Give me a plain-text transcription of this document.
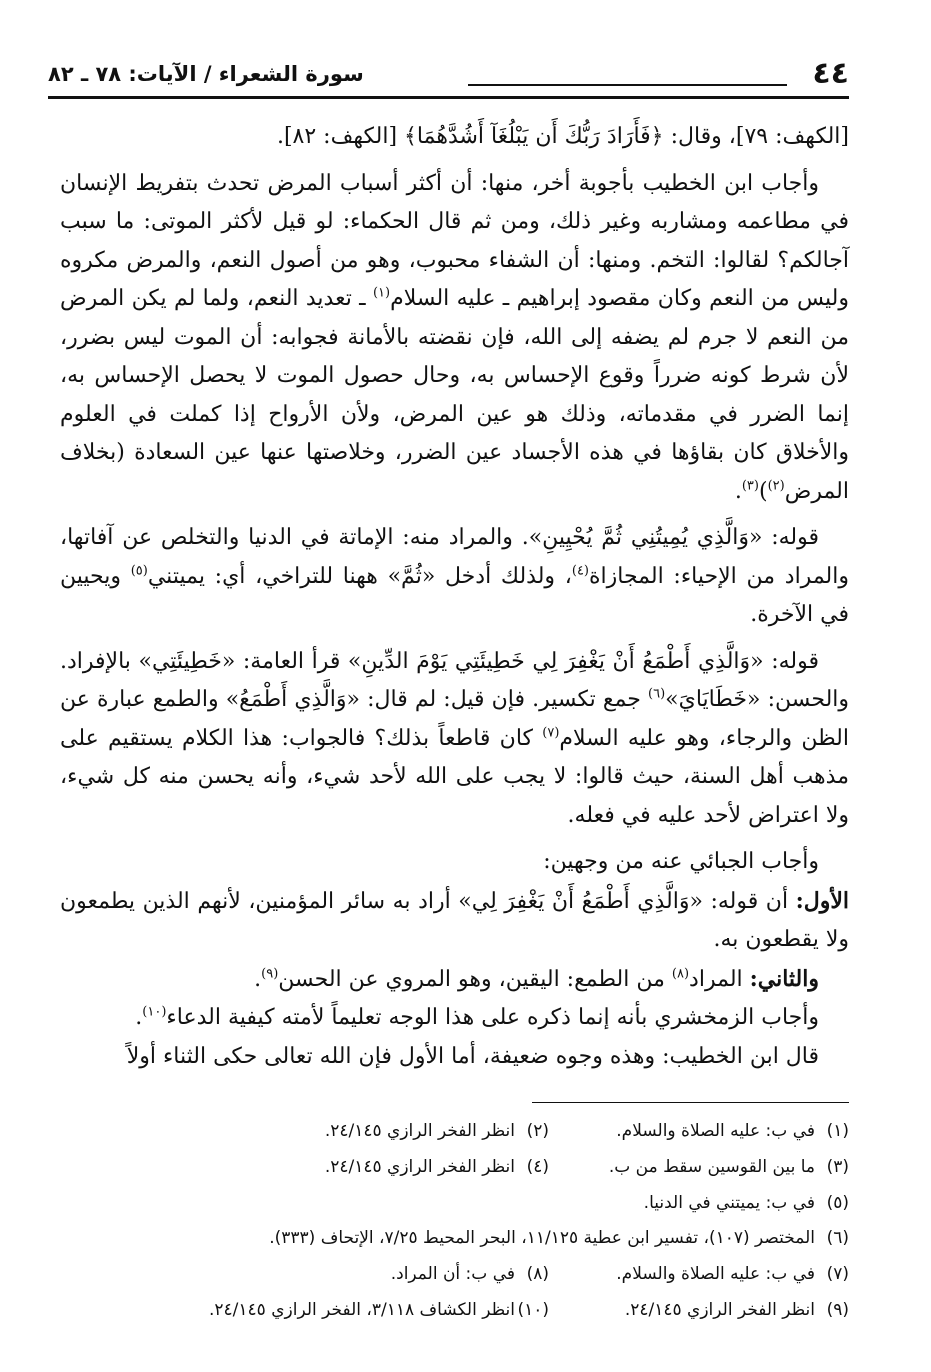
٤٤
سورة الشعراء / الآيات: ٧٨ ـ ٨٢

[الكهف: ٧٩]، وقال: ﴿فَأَرَادَ رَبُّكَ أَن يَبْلُغَآ أَشُدَّهُمَا﴾ [الكهف: ٨٢].

وأجاب ابن الخطيب بأجوبة أخر، منها: أن أكثر أسباب المرض تحدث بتفريط الإنسان في مطاعمه ومشاربه وغير ذلك، ومن ثم قال الحكماء: لو قيل لأكثر الموتى: ما سبب آجالكم؟ لقالوا: التخم. ومنها: أن الشفاء محبوب، وهو من أصول النعم، والمرض مكروه وليس من النعم وكان مقصود إبراهيم ـ عليه السلام$^{(١)}$ ـ تعديد النعم، ولما لم يكن المرض من النعم لا جرم لم يضفه إلى الله، فإن نقضته بالأمانة فجوابه: أن الموت ليس بضرر، لأن شرط كونه ضرراً وقوع الإحساس به، وحال حصول الموت لا يحصل الإحساس به، إنما الضرر في مقدماته، وذلك هو عين المرض، ولأن الأرواح إذا كملت في العلوم والأخلاق كان بقاؤها في هذه الأجساد عين الضرر، وخلاصتها عنها عين السعادة (بخلاف المرض$^{(٢)}$)$^{(٣)}$.

قوله: «وَالَّذِي يُمِيتُنِي ثُمَّ يُحْيِينِ». والمراد منه: الإماتة في الدنيا والتخلص عن آفاتها، والمراد من الإحياء: المجازاة$^{(٤)}$، ولذلك أدخل «ثُمَّ» ههنا للتراخي، أي: يميتني$^{(٥)}$ ويحيين في الآخرة.

قوله: «وَالَّذِي أَطْمَعُ أَنْ يَغْفِرَ لِي خَطِيئَتِي يَوْمَ الدِّينِ» قرأ العامة: «خَطِيئَتِي» بالإفراد. والحسن: «خَطَايَايَ»$^{(٦)}$ جمع تكسير. فإن قيل: لم قال: «وَالَّذِي أَطْمَعُ» والطمع عبارة عن الظن والرجاء، وهو عليه السلام$^{(٧)}$ كان قاطعاً بذلك؟ فالجواب: هذا الكلام يستقيم على مذهب أهل السنة، حيث قالوا: لا يجب على الله لأحد شيء، وأنه يحسن منه كل شيء، ولا اعتراض لأحد عليه في فعله.

وأجاب الجبائي عنه من وجهين:

الأول: أن قوله: «وَالَّذِي أَطْمَعُ أَنْ يَغْفِرَ لِي» أراد به سائر المؤمنين، لأنهم الذين يطمعون ولا يقطعون به.

والثاني: المراد$^{(٨)}$ من الطمع: اليقين، وهو المروي عن الحسن$^{(٩)}$.

وأجاب الزمخشري بأنه إنما ذكره على هذا الوجه تعليماً لأمته كيفية الدعاء$^{(١٠)}$.

قال ابن الخطيب: وهذه وجوه ضعيفة، أما الأول فإن الله تعالى حكى الثناء أولاً

(١)في ب: عليه الصلاة والسلام.
(٢)انظر الفخر الرازي ٢٤/١٤٥.
(٣)ما بين القوسين سقط من ب.
(٤)انظر الفخر الرازي ٢٤/١٤٥.
(٥)في ب: يميتني في الدنيا.
(٦)المختصر (١٠٧)، تفسير ابن عطية ١١/١٢٥، البحر المحيط ٧/٢٥، الإتحاف (٣٣٣).
(٧)في ب: عليه الصلاة والسلام.
(٨)في ب: أن المراد.
(٩)انظر الفخر الرازي ٢٤/١٤٥.
(١٠)انظر الكشاف ٣/١١٨، الفخر الرازي ٢٤/١٤٥.
